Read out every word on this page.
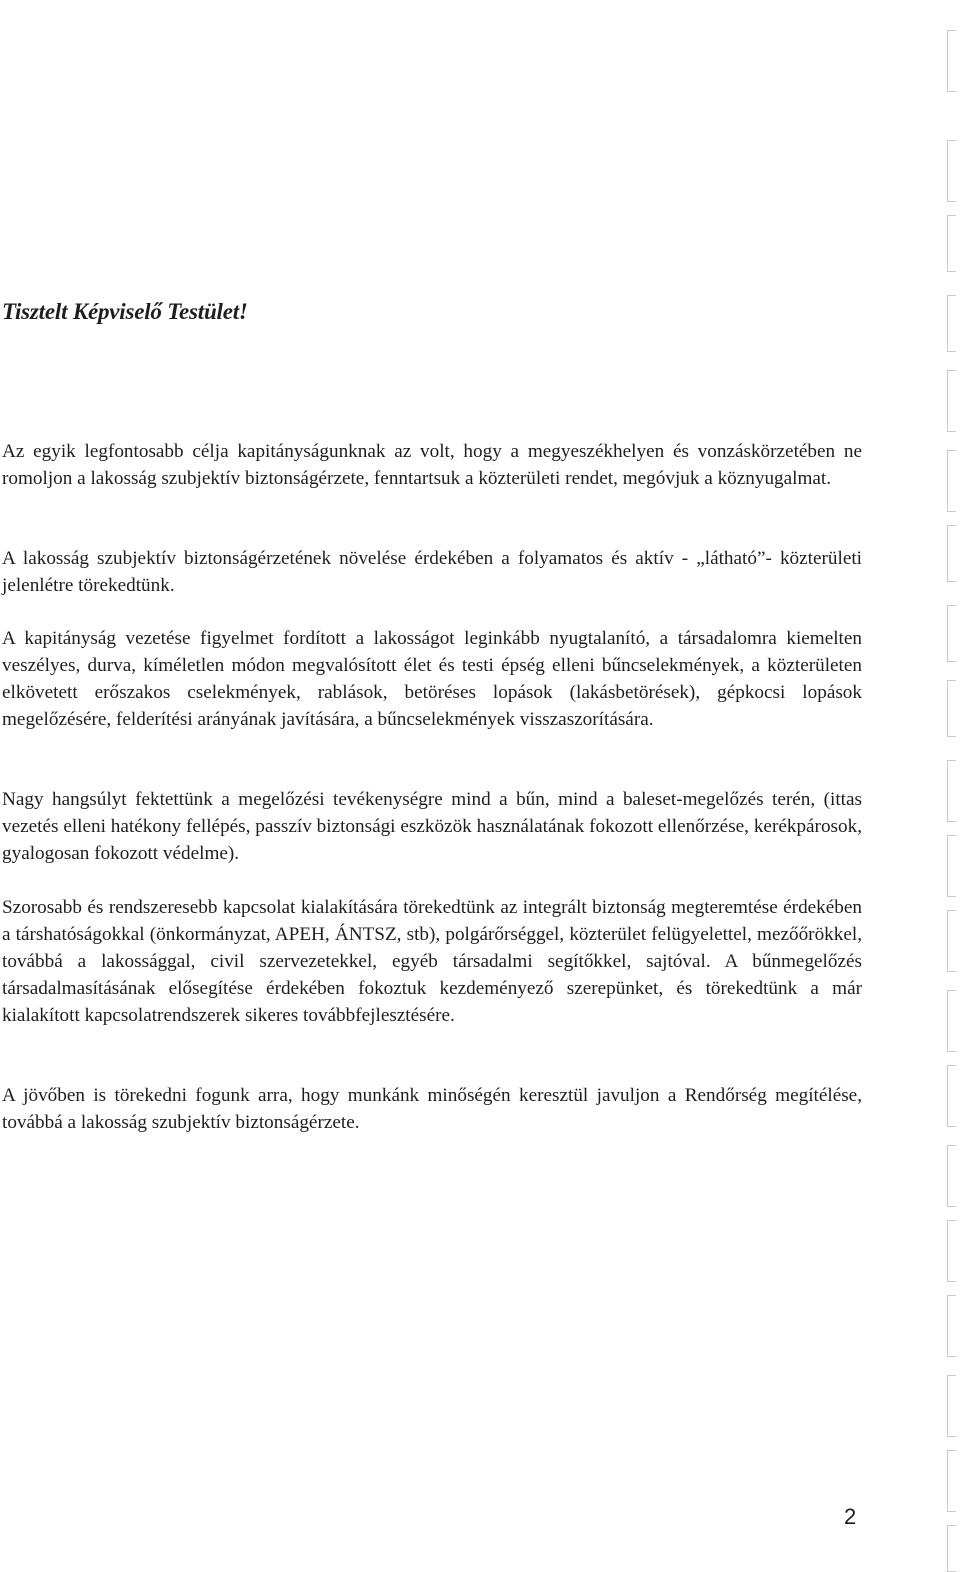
Tisztelt Képviselő Testület!

Az egyik legfontosabb célja kapitányságunknak az volt, hogy a megyeszékhelyen és vonzáskörzetében ne romoljon a lakosság szubjektív biztonságérzete, fenntartsuk a közterületi rendet, megóvjuk a köznyugalmat.

A lakosság szubjektív biztonságérzetének növelése érdekében a folyamatos és aktív - „látható”- közterületi jelenlétre törekedtünk.

A kapitányság vezetése figyelmet fordított a lakosságot leginkább nyugtalanító, a társadalomra kiemelten veszélyes, durva, kíméletlen módon megvalósított élet és testi épség elleni bűncselekmények, a közterületen elkövetett erőszakos cselekmények, rablások, betöréses lopások (lakásbetörések), gépkocsi lopások megelőzésére, felderítési arányának javítására, a bűncselekmények visszaszorítására.

Nagy hangsúlyt fektettünk a megelőzési tevékenységre mind a bűn, mind a baleset-megelőzés terén, (ittas vezetés elleni hatékony fellépés, passzív biztonsági eszközök használatának fokozott ellenőrzése, kerékpárosok, gyalogosan fokozott védelme).

Szorosabb és rendszeresebb kapcsolat kialakítására törekedtünk az integrált biztonság megteremtése érdekében a társhatóságokkal (önkormányzat, APEH, ÁNTSZ, stb), polgárőrséggel, közterület felügyelettel, mezőőrökkel, továbbá a lakossággal, civil szervezetekkel, egyéb társadalmi segítőkkel, sajtóval. A bűnmegelőzés társadalmasításának elősegítése érdekében fokoztuk kezdeményező szerepünket, és törekedtünk a már kialakított kapcsolatrendszerek sikeres továbbfejlesztésére.

A jövőben is törekedni fogunk arra, hogy munkánk minőségén keresztül javuljon a Rendőrség megítélése, továbbá a lakosság szubjektív biztonságérzete.

2
